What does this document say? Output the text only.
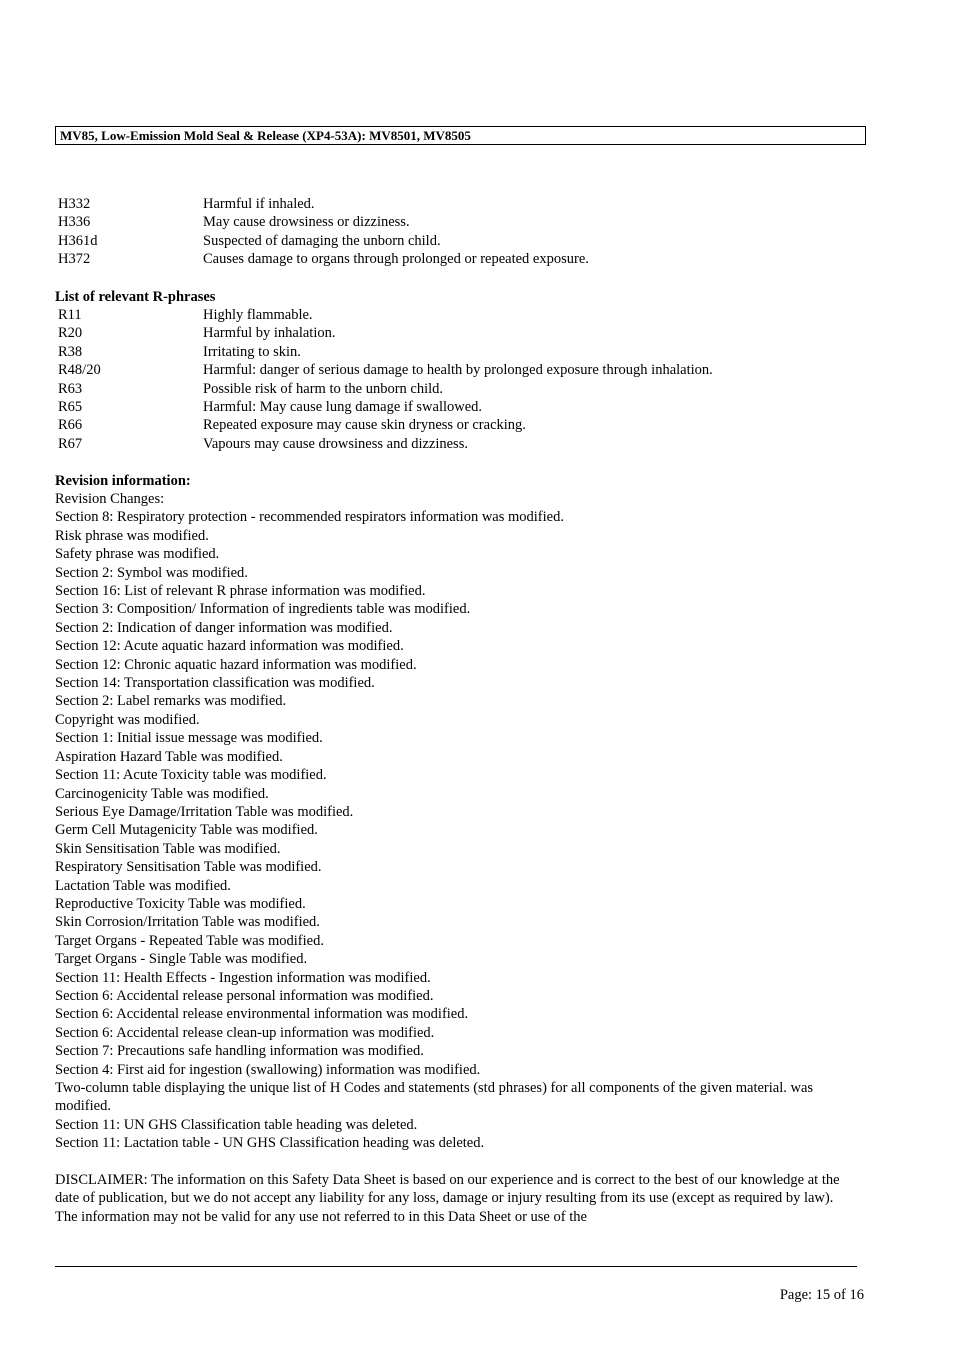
MV85, Low-Emission Mold Seal & Release (XP4-53A): MV8501, MV8505
H332	Harmful if inhaled.
H336	May cause drowsiness or dizziness.
H361d	Suspected of damaging the unborn child.
H372	Causes damage to organs through prolonged or repeated exposure.
List of relevant R-phrases
R11	Highly flammable.
R20	Harmful by inhalation.
R38	Irritating to skin.
R48/20	Harmful: danger of serious damage to health by prolonged exposure through inhalation.
R63	Possible risk of harm to the unborn child.
R65	Harmful: May cause lung damage if swallowed.
R66	Repeated exposure may cause skin dryness or cracking.
R67	Vapours may cause drowsiness and dizziness.
Revision information:
Revision Changes:
Section 8: Respiratory protection - recommended respirators information was modified.
Risk phrase was modified.
Safety phrase was modified.
Section 2: Symbol was modified.
Section 16: List of relevant R phrase information was modified.
Section 3: Composition/ Information of ingredients table was modified.
Section 2: Indication of danger information was modified.
Section 12: Acute aquatic hazard information was modified.
Section 12: Chronic aquatic hazard information was modified.
Section 14: Transportation classification was modified.
Section 2: Label remarks was modified.
Copyright was modified.
Section 1: Initial issue message was modified.
Aspiration Hazard Table was modified.
Section 11: Acute Toxicity table was modified.
Carcinogenicity Table was modified.
Serious Eye Damage/Irritation Table was modified.
Germ Cell Mutagenicity Table was modified.
Skin Sensitisation Table was modified.
Respiratory Sensitisation Table was modified.
Lactation Table was modified.
Reproductive Toxicity Table was modified.
Skin Corrosion/Irritation Table was modified.
Target Organs - Repeated Table was modified.
Target Organs - Single Table was modified.
Section 11: Health Effects - Ingestion information was modified.
Section 6: Accidental release personal information was modified.
Section 6: Accidental release environmental information was modified.
Section 6: Accidental release clean-up information was modified.
Section 7: Precautions safe handling information was modified.
Section 4: First aid for ingestion (swallowing) information was modified.
Two-column table displaying the unique list of H Codes and statements (std phrases) for all components of the given material. was modified.
Section 11: UN GHS Classification table heading was deleted.
Section 11: Lactation table - UN GHS Classification heading was deleted.

DISCLAIMER: The information on this Safety Data Sheet is based on our experience and is correct to the best of our knowledge at the date of publication, but we do not accept any liability for any loss, damage or injury resulting from its use (except as required by law). The information may not be valid for any use not referred to in this Data Sheet or use of the

Page: 15 of 16
